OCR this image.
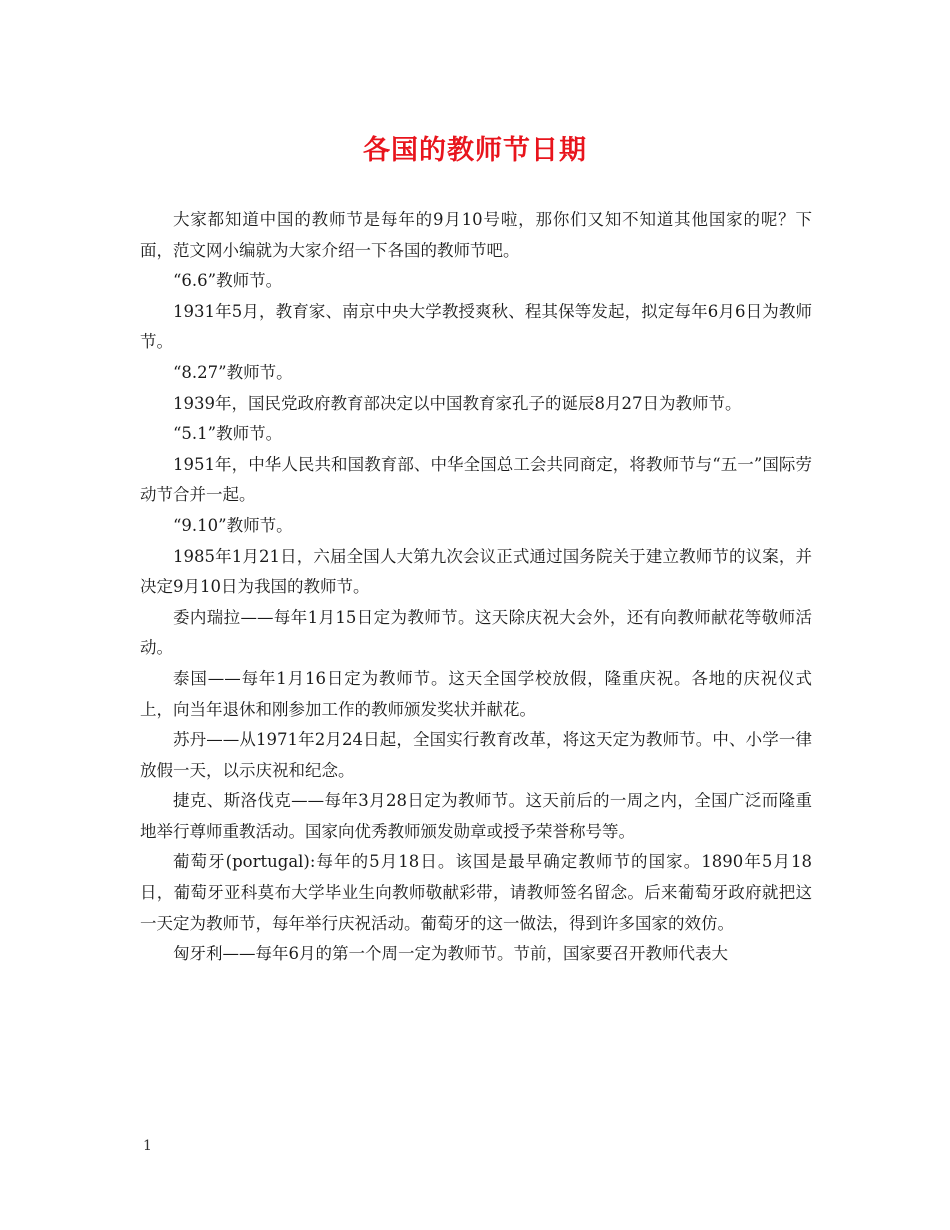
各国的教师节日期

大家都知道中国的教师节是每年的9月10号啦，那你们又知不知道其他国家的呢？下面，范文网小编就为大家介绍一下各国的教师节吧。

“6.6”教师节。

1931年5月，教育家、南京中央大学教授爽秋、程其保等发起，拟定每年6月6日为教师节。

“8.27”教师节。

1939年，国民党政府教育部决定以中国教育家孔子的诞辰8月27日为教师节。

“5.1”教师节。

1951年，中华人民共和国教育部、中华全国总工会共同商定，将教师节与“五一”国际劳动节合并一起。

“9.10”教师节。

1985年1月21日，六届全国人大第九次会议正式通过国务院关于建立教师节的议案，并决定9月10日为我国的教师节。

委内瑞拉——每年1月15日定为教师节。这天除庆祝大会外，还有向教师献花等敬师活动。

泰国——每年1月16日定为教师节。这天全国学校放假，隆重庆祝。各地的庆祝仪式上，向当年退休和刚参加工作的教师颁发奖状并献花。

苏丹——从1971年2月24日起，全国实行教育改革，将这天定为教师节。中、小学一律放假一天，以示庆祝和纪念。

捷克、斯洛伐克——每年3月28日定为教师节。这天前后的一周之内，全国广泛而隆重地举行尊师重教活动。国家向优秀教师颁发勋章或授予荣誉称号等。

葡萄牙(portugal):每年的5月18日。该国是最早确定教师节的国家。1890年5月18日，葡萄牙亚科莫布大学毕业生向教师敬献彩带，请教师签名留念。后来葡萄牙政府就把这一天定为教师节，每年举行庆祝活动。葡萄牙的这一做法，得到许多国家的效仿。

匈牙利——每年6月的第一个周一定为教师节。节前，国家要召开教师代表大

1
